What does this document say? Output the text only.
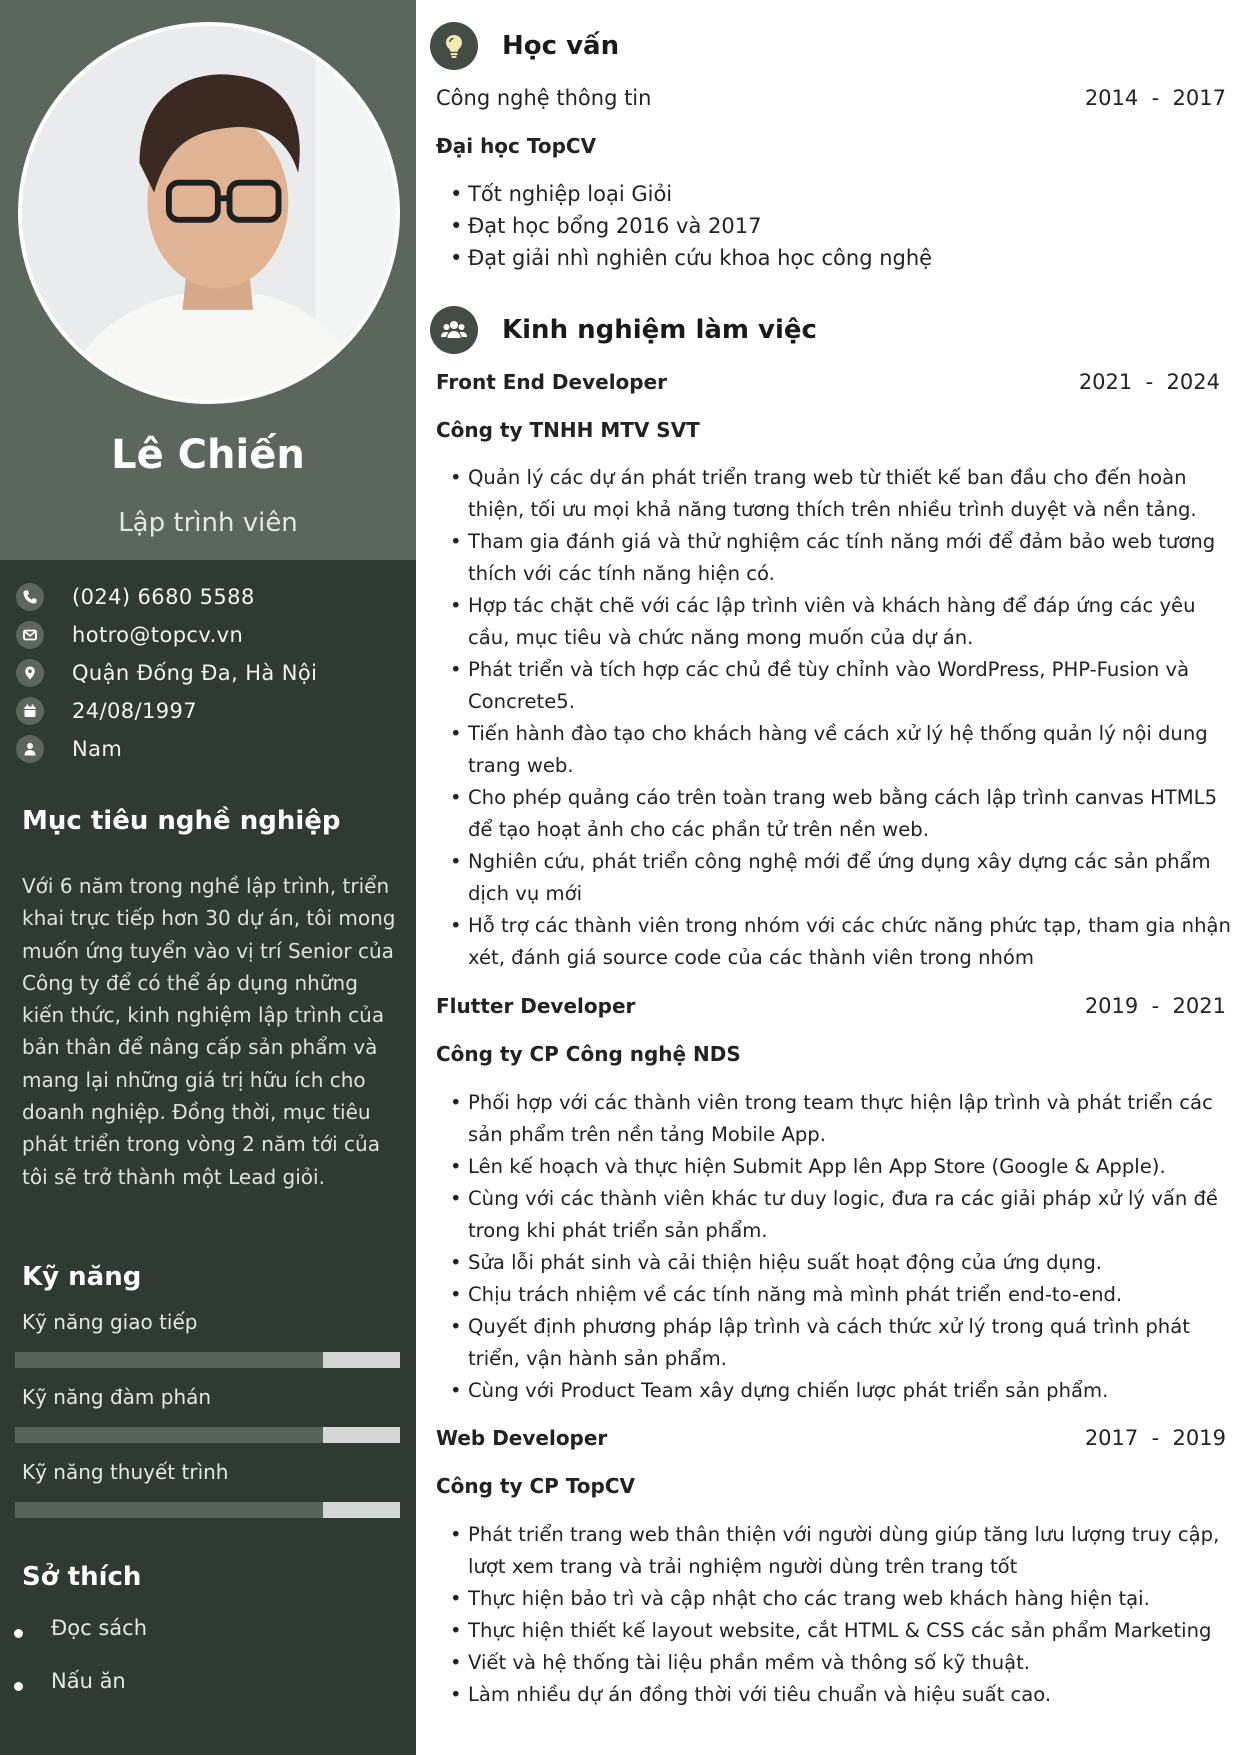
Lê Chiến
Lập trình viên
(024) 6680 5588
hotro@topcv.vn
Quận Đống Đa, Hà Nội
24/08/1997
Nam
Mục tiêu nghề nghiệp

Với 6 năm trong nghề lập trình, triển khai trực tiếp hơn 30 dự án, tôi mong muốn ứng tuyển vào vị trí Senior của Công ty để có thể áp dụng những kiến thức, kinh nghiệm lập trình của bản thân để nâng cấp sản phẩm và mang lại những giá trị hữu ích cho doanh nghiệp. Đồng thời, mục tiêu phát triển trong vòng 2 năm tới của tôi sẽ trở thành một Lead giỏi.

Kỹ năng
Kỹ năng giao tiếp
Kỹ năng đàm phán
Kỹ năng thuyết trình
Sở thích
Đọc sách
Nấu ăn
Học vấn
Công nghệ thông tin	2014  -  2017
Đại học TopCV
• Tốt nghiệp loại Giỏi
• Đạt học bổng 2016 và 2017
• Đạt giải nhì nghiên cứu khoa học công nghệ
Kinh nghiệm làm việc
Front End Developer	2021  -  2024
Công ty TNHH MTV SVT
• Quản lý các dự án phát triển trang web từ thiết kế ban đầu cho đến hoàn thiện, tối ưu mọi khả năng tương thích trên nhiều trình duyệt và nền tảng.
• Tham gia đánh giá và thử nghiệm các tính năng mới để đảm bảo web tương thích với các tính năng hiện có.
• Hợp tác chặt chẽ với các lập trình viên và khách hàng để đáp ứng các yêu cầu, mục tiêu và chức năng mong muốn của dự án.
• Phát triển và tích hợp các chủ đề tùy chỉnh vào WordPress, PHP-Fusion và Concrete5.
• Tiến hành đào tạo cho khách hàng về cách xử lý hệ thống quản lý nội dung trang web.
• Cho phép quảng cáo trên toàn trang web bằng cách lập trình canvas HTML5 để tạo hoạt ảnh cho các phần tử trên nền web.
• Nghiên cứu, phát triển công nghệ mới để ứng dụng xây dựng các sản phẩm dịch vụ mới
• Hỗ trợ các thành viên trong nhóm với các chức năng phức tạp, tham gia nhận xét, đánh giá source code của các thành viên trong nhóm
Flutter Developer	2019  -  2021
Công ty CP Công nghệ NDS
• Phối hợp với các thành viên trong team thực hiện lập trình và phát triển các sản phẩm trên nền tảng Mobile App.
• Lên kế hoạch và thực hiện Submit App lên App Store (Google & Apple).
• Cùng với các thành viên khác tư duy logic, đưa ra các giải pháp xử lý vấn đề trong khi phát triển sản phẩm.
• Sửa lỗi phát sinh và cải thiện hiệu suất hoạt động của ứng dụng.
• Chịu trách nhiệm về các tính năng mà mình phát triển end-to-end.
• Quyết định phương pháp lập trình và cách thức xử lý trong quá trình phát triển, vận hành sản phẩm.
• Cùng với Product Team xây dựng chiến lược phát triển sản phẩm.
Web Developer	2017  -  2019
Công ty CP TopCV
• Phát triển trang web thân thiện với người dùng giúp tăng lưu lượng truy cập, lượt xem trang và trải nghiệm người dùng trên trang tốt
• Thực hiện bảo trì và cập nhật cho các trang web khách hàng hiện tại.
• Thực hiện thiết kế layout website, cắt HTML & CSS các sản phẩm Marketing
• Viết và hệ thống tài liệu phần mềm và thông số kỹ thuật.
• Làm nhiều dự án đồng thời với tiêu chuẩn và hiệu suất cao.
